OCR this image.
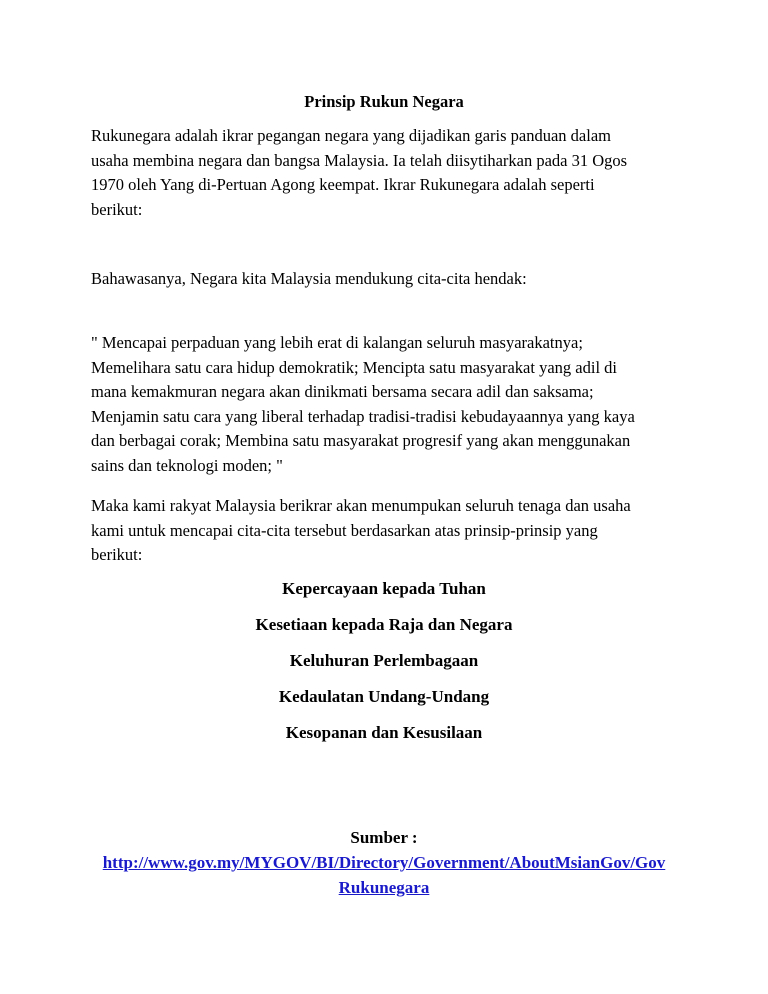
Prinsip Rukun Negara

Rukunegara adalah ikrar pegangan negara yang dijadikan garis panduan dalam
usaha membina negara dan bangsa Malaysia. Ia telah diisytiharkan pada 31 Ogos
1970 oleh Yang di-Pertuan Agong keempat. Ikrar Rukunegara adalah seperti
berikut:

Bahawasanya, Negara kita Malaysia mendukung cita-cita hendak:

" Mencapai perpaduan yang lebih erat di kalangan seluruh masyarakatnya;
Memelihara satu cara hidup demokratik; Mencipta satu masyarakat yang adil di
mana kemakmuran negara akan dinikmati bersama secara adil dan saksama;
Menjamin satu cara yang liberal terhadap tradisi-tradisi kebudayaannya yang kaya
dan berbagai corak; Membina satu masyarakat progresif yang akan menggunakan
sains dan teknologi moden; "

Maka kami rakyat Malaysia berikrar akan menumpukan seluruh tenaga dan usaha
kami untuk mencapai cita-cita tersebut berdasarkan atas prinsip-prinsip yang
berikut:

Kepercayaan kepada Tuhan
Kesetiaan kepada Raja dan Negara
Keluhuran Perlembagaan
Kedaulatan Undang-Undang
Kesopanan dan Kesusilaan
Sumber :
http://www.gov.my/MYGOV/BI/Directory/Government/AboutMsianGov/Gov
Rukunegara
